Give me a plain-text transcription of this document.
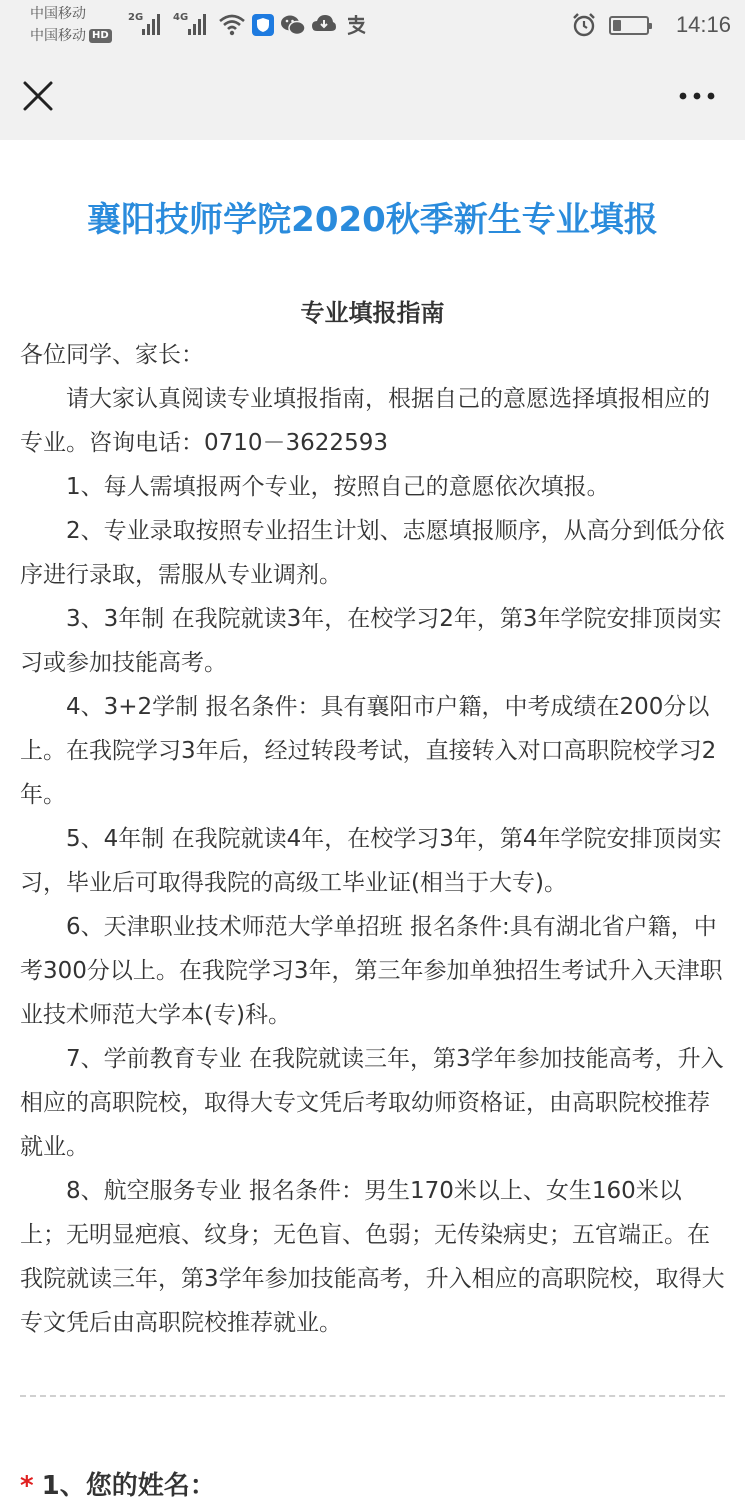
中国移动
中国移动 HD
2G	4G	14:16
襄阳技师学院2020秋季新生专业填报
专业填报指南

各位同学、家长：

请大家认真阅读专业填报指南，根据自己的意愿选择填报相应的专业。咨询电话：0710－3622593

1、每人需填报两个专业，按照自己的意愿依次填报。

2、专业录取按照专业招生计划、志愿填报顺序，从高分到低分依序进行录取，需服从专业调剂。

3、3年制 在我院就读3年，在校学习2年，第3年学院安排顶岗实习或参加技能高考。

4、3+2学制 报名条件：具有襄阳市户籍，中考成绩在200分以上。在我院学习3年后，经过转段考试，直接转入对口高职院校学习2年。

5、4年制 在我院就读4年，在校学习3年，第4年学院安排顶岗实习，毕业后可取得我院的高级工毕业证(相当于大专)。

6、天津职业技术师范大学单招班 报名条件:具有湖北省户籍，中考300分以上。在我院学习3年，第三年参加单独招生考试升入天津职业技术师范大学本(专)科。

7、学前教育专业 在我院就读三年，第3学年参加技能高考，升入相应的高职院校，取得大专文凭后考取幼师资格证，由高职院校推荐就业。

8、航空服务专业 报名条件：男生170米以上、女生160米以上；无明显疤痕、纹身；无色盲、色弱；无传染病史；五官端正。在我院就读三年，第3学年参加技能高考，升入相应的高职院校，取得大专文凭后由高职院校推荐就业。

* 1、您的姓名：
